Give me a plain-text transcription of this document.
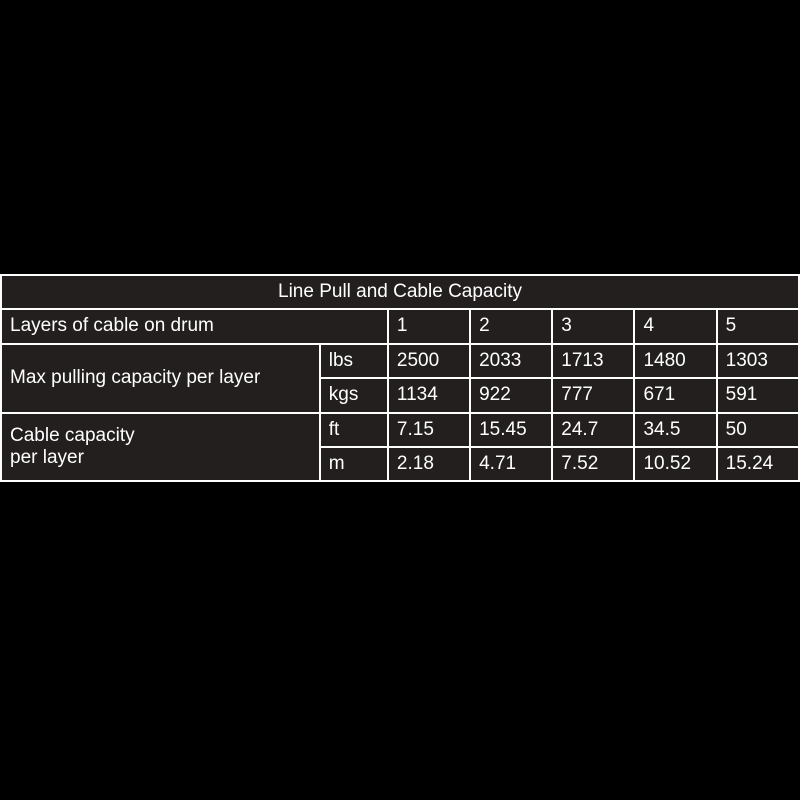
Line Pull and Cable Capacity						
Layers of cable on drum		1	2	3	4	5
Max pulling capacity per layer	lbs	2500	2033	1713	1480	1303
	kgs	1134	922	777	671	591
Cable capacity
per layer	ft	7.15	15.45	24.7	34.5	50
	m	2.18	4.71	7.52	10.52	15.24
